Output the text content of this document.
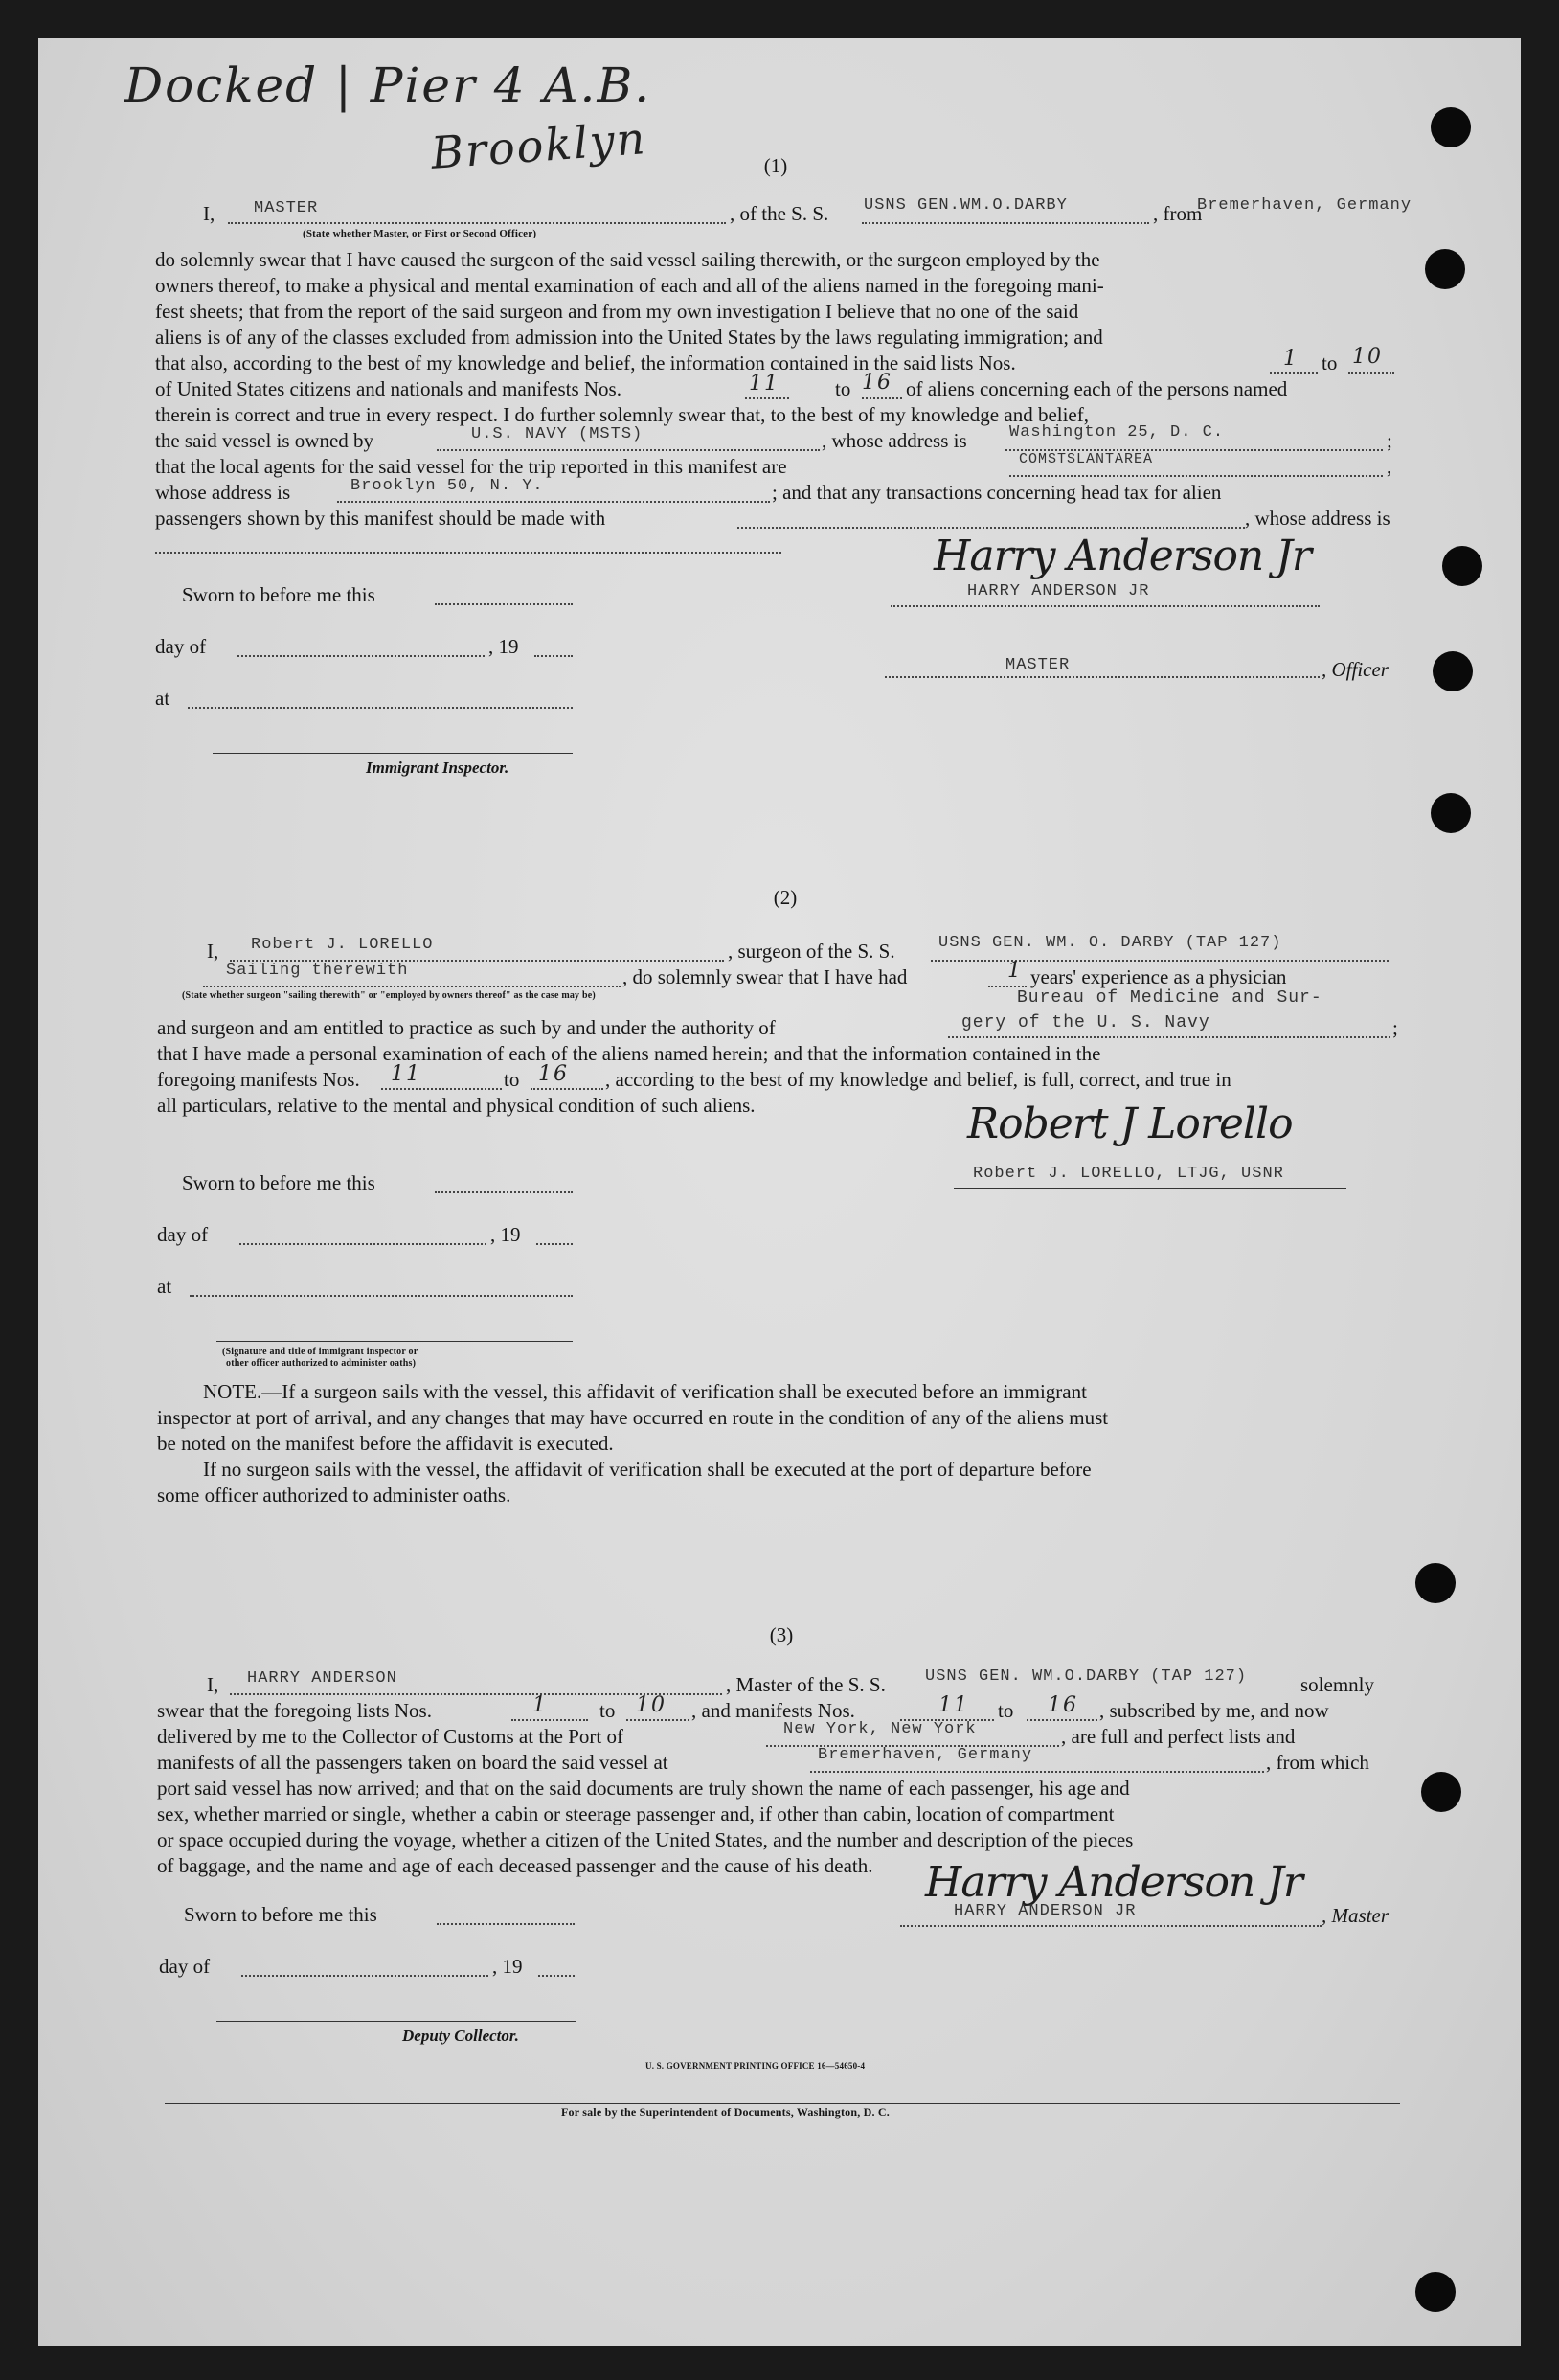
Docked | Pier 4 A.B.
Brooklyn	(1)
I, MASTER	, of the S. S. USNS GEN.WM.O.DARBY	, from
Bremerhaven, Germany
(State whether Master, or First or Second Officer)
do solemnly swear that I have caused the surgeon of the said vessel sailing therewith, or the surgeon employed by the
owners thereof, to make a physical and mental examination of each and all of the aliens named in the foregoing mani-
fest sheets; that from the report of the said surgeon and from my own investigation I believe that no one of the said
aliens is of any of the classes excluded from admission into the United States by the laws regulating immigration; and
that also, according to the best of my knowledge and belief, the information contained in the said lists Nos.	1 to 10
of United States citizens and nationals and manifests Nos.	11	to 16 of aliens concerning each of the persons named
therein is correct and true in every respect. I do further solemnly swear that, to the best of my knowledge and belief,
the said vessel is owned by	U.S. NAVY (MSTS)	, whose address is	Washington 25, D. C.	;
that the local agents for the said vessel for the trip reported in this manifest are	COMSTSLANTAREA	,
whose address is	Brooklyn 50, N. Y.	; and that any transactions concerning head tax for alien
passengers shown by this manifest should be made with	, whose address is
Sworn to before me this
Harry Anderson Jr
HARRY ANDERSON JR
day of	, 19
MASTER	, Officer
at
Immigrant Inspector.
(2)
I, Robert J. LORELLO	, surgeon of the S. S.	USNS GEN. WM. O. DARBY (TAP 127)
Sailing therewith	, do solemnly swear that I have had	1 years' experience as a physician
(State whether surgeon "sailing therewith" or "employed by owners thereof" as the case may be)	Bureau of Medicine and Sur-
and surgeon and am entitled to practice as such by and under the authority of	gery of the U. S. Navy	;
that I have made a personal examination of each of the aliens named herein; and that the information contained in the
foregoing manifests Nos. 11	to 16 , according to the best of my knowledge and belief, is full, correct, and true in
all particulars, relative to the mental and physical condition of such aliens.	Robert J Lorello
Sworn to before me this	Robert J. LORELLO, LTJG, USNR
day of	, 19
at
(Signature and title of immigrant inspector or
other officer authorized to administer oaths)
NOTE.—If a surgeon sails with the vessel, this affidavit of verification shall be executed before an immigrant
inspector at port of arrival, and any changes that may have occurred en route in the condition of any of the aliens must
be noted on the manifest before the affidavit is executed.
If no surgeon sails with the vessel, the affidavit of verification shall be executed at the port of departure before
some officer authorized to administer oaths.
(3)
I, HARRY ANDERSON	, Master of the S. S. USNS GEN. WM.O.DARBY (TAP 127)	solemnly
swear that the foregoing lists Nos.	1	to 10 , and manifests Nos.	11 to 16 , subscribed by me, and now
delivered by me to the Collector of Customs at the Port of	New York, New York	, are full and perfect lists and
manifests of all the passengers taken on board the said vessel at	Bremerhaven, Germany	, from which
port said vessel has now arrived; and that on the said documents are truly shown the name of each passenger, his age and
sex, whether married or single, whether a cabin or steerage passenger and, if other than cabin, location of compartment
or space occupied during the voyage, whether a citizen of the United States, and the number and description of the pieces
of baggage, and the name and age of each deceased passenger and the cause of his death. Harry Anderson Jr
Sworn to before me this	HARRY ANDERSON JR	, Master
day of	, 19
Deputy Collector.
U. S. GOVERNMENT PRINTING OFFICE 16—54650-4
For sale by the Superintendent of Documents, Washington, D. C.
